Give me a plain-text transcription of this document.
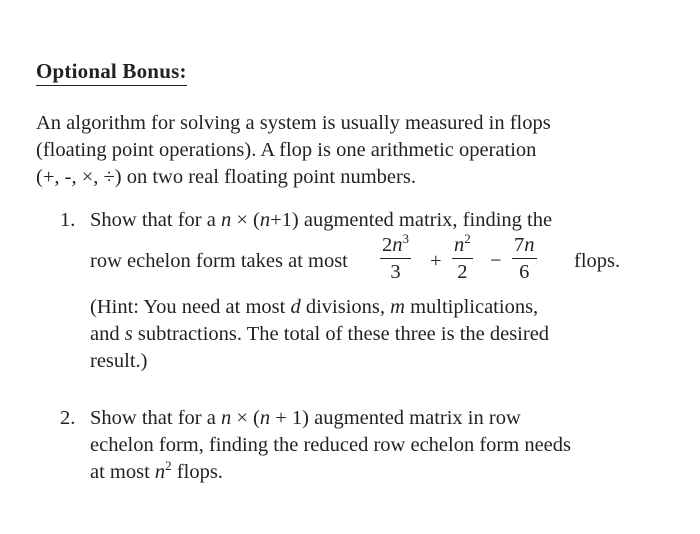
Optional Bonus:

An algorithm for solving a system is usually measured in flops

(floating point operations). A flop is one arithmetic operation

(+, -, ×, ÷) on two real floating point numbers.

1. Show that for a n × (n+1) augmented matrix, finding the
row echelon form takes at most $\frac{2n^3}{3} + \frac{n^2}{2} - \frac{7n}{6}$ flops.
(Hint: You need at most d divisions, m multiplications,
and s subtractions. The total of these three is the desired
result.)
2. Show that for a n × (n + 1) augmented matrix in row
echelon form, finding the reduced row echelon form needs
at most $n^2$ flops.
